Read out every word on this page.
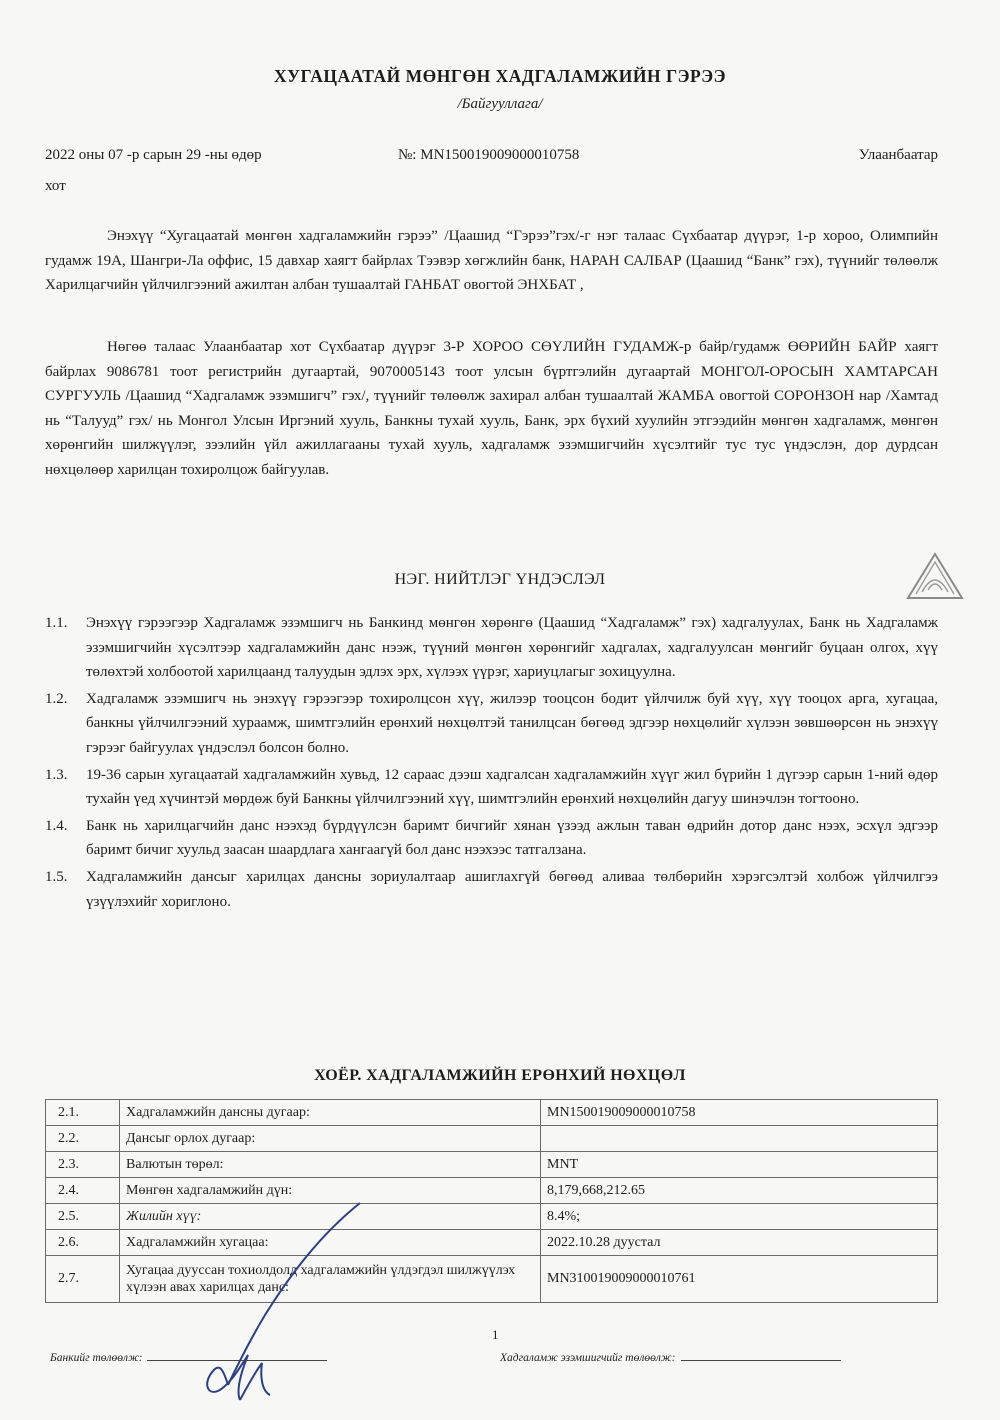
ХУГАЦААТАЙ МӨНГӨН ХАДГАЛАМЖИЙН ГЭРЭЭ
/Байгууллага/
2022 оны 07 -р сарын 29 -ны өдөр
хот
№: MN150019009000010758	Улаанбаатар
Энэхүү “Хугацаатай мөнгөн хадгаламжийн гэрээ” /Цаашид “Гэрээ”гэх/-г нэг талаас Сүхбаатар дүүрэг, 1-р хороо, Олимпийн гудамж 19А, Шангри-Ла оффис, 15 давхар хаягт байрлах Тээвэр хөгжлийн банк, НАРАН САЛБАР (Цаашид “Банк” гэх), түүнийг төлөөлж Харилцагчийн үйлчилгээний ажилтан албан тушаалтай ГАНБАТ овогтой ЭНХБАТ ,
Нөгөө талаас Улаанбаатар хот Сүхбаатар дүүрэг 3-Р ХОРОО СӨҮЛИЙН ГУДАМЖ-р байр/гудамж ӨӨРИЙН БАЙР хаягт байрлах 9086781 тоот регистрийн дугаартай, 9070005143 тоот улсын бүртгэлийн дугаартай МОНГОЛ-ОРОСЫН ХАМТАРСАН СУРГУУЛЬ /Цаашид “Хадгаламж эзэмшигч” гэх/, түүнийг төлөөлж захирал албан тушаалтай ЖАМБА овогтой СОРОНЗОН нар /Хамтад нь “Талууд” гэх/ нь Монгол Улсын Иргэний хууль, Банкны тухай хууль, Банк, эрх бүхий хуулийн этгээдийн мөнгөн хадгаламж, мөнгөн хөрөнгийн шилжүүлэг, зээлийн үйл ажиллагааны тухай хууль, хадгаламж эзэмшигчийн хүсэлтийг тус тус үндэслэн, дор дурдсан нөхцөлөөр харилцан тохиролцож байгуулав.
НЭГ. НИЙТЛЭГ ҮНДЭСЛЭЛ
1.1.	Энэхүү гэрээгээр Хадгаламж эзэмшигч нь Банкинд мөнгөн хөрөнгө (Цаашид “Хадгаламж” гэх) хадгалуулах, Банк нь Хадгаламж эзэмшигчийн хүсэлтээр хадгаламжийн данс нээж, түүний мөнгөн хөрөнгийг хадгалах, хадгалуулсан мөнгийг буцаан олгох, хүү төлөхтэй холбоотой харилцаанд талуудын эдлэх эрх, хүлээх үүрэг, хариуцлагыг зохицуулна.
1.2.	Хадгаламж эзэмшигч нь энэхүү гэрээгээр тохиролцсон хүү, жилээр тооцсон бодит үйлчилж буй хүү, хүү тооцох арга, хугацаа, банкны үйлчилгээний хураамж, шимтгэлийн ерөнхий нөхцөлтэй танилцсан бөгөөд эдгээр нөхцөлийг хүлээн зөвшөөрсөн нь энэхүү гэрээг байгуулах үндэслэл болсон болно.
1.3.	19-36 сарын хугацаатай хадгаламжийн хувьд, 12 сараас дээш хадгалсан хадгаламжийн хүүг жил бүрийн 1 дүгээр сарын 1-ний өдөр тухайн үед хүчинтэй мөрдөж буй Банкны үйлчилгээний хүү, шимтгэлийн ерөнхий нөхцөлийн дагуу шинэчлэн тогтооно.
1.4.	Банк нь харилцагчийн данс нээхэд бүрдүүлсэн баримт бичгийг хянан үзээд ажлын таван өдрийн дотор данс нээх, эсхүл эдгээр баримт бичиг хуульд заасан шаардлага хангаагүй бол данс нээхээс татгалзана.
1.5.	Хадгаламжийн дансыг харилцах дансны зориулалтаар ашиглахгүй бөгөөд аливаа төлбөрийн хэрэгсэлтэй холбож үйлчилгээ үзүүлэхийг хориглоно.
ХОЁР. ХАДГАЛАМЖИЙН ЕРӨНХИЙ НӨХЦӨЛ
2.1.	Хадгаламжийн дансны дугаар:	MN150019009000010758
2.2.	Дансыг орлох дугаар:	
2.3.	Валютын төрөл:	MNT
2.4.	Мөнгөн хадгаламжийн дүн:	8,179,668,212.65
2.5.	Жилийн хүү:	8.4%;
2.6.	Хадгаламжийн хугацаа:	2022.10.28 дуустал
2.7.	Хугацаа дууссан тохиолдолд хадгаламжийн үлдэгдэл шилжүүлэх хүлээн авах харилцах данс:	MN310019009000010761
1
Банкийг төлөөлж:	Хадгаламж эзэмшигчийг төлөөлж:
